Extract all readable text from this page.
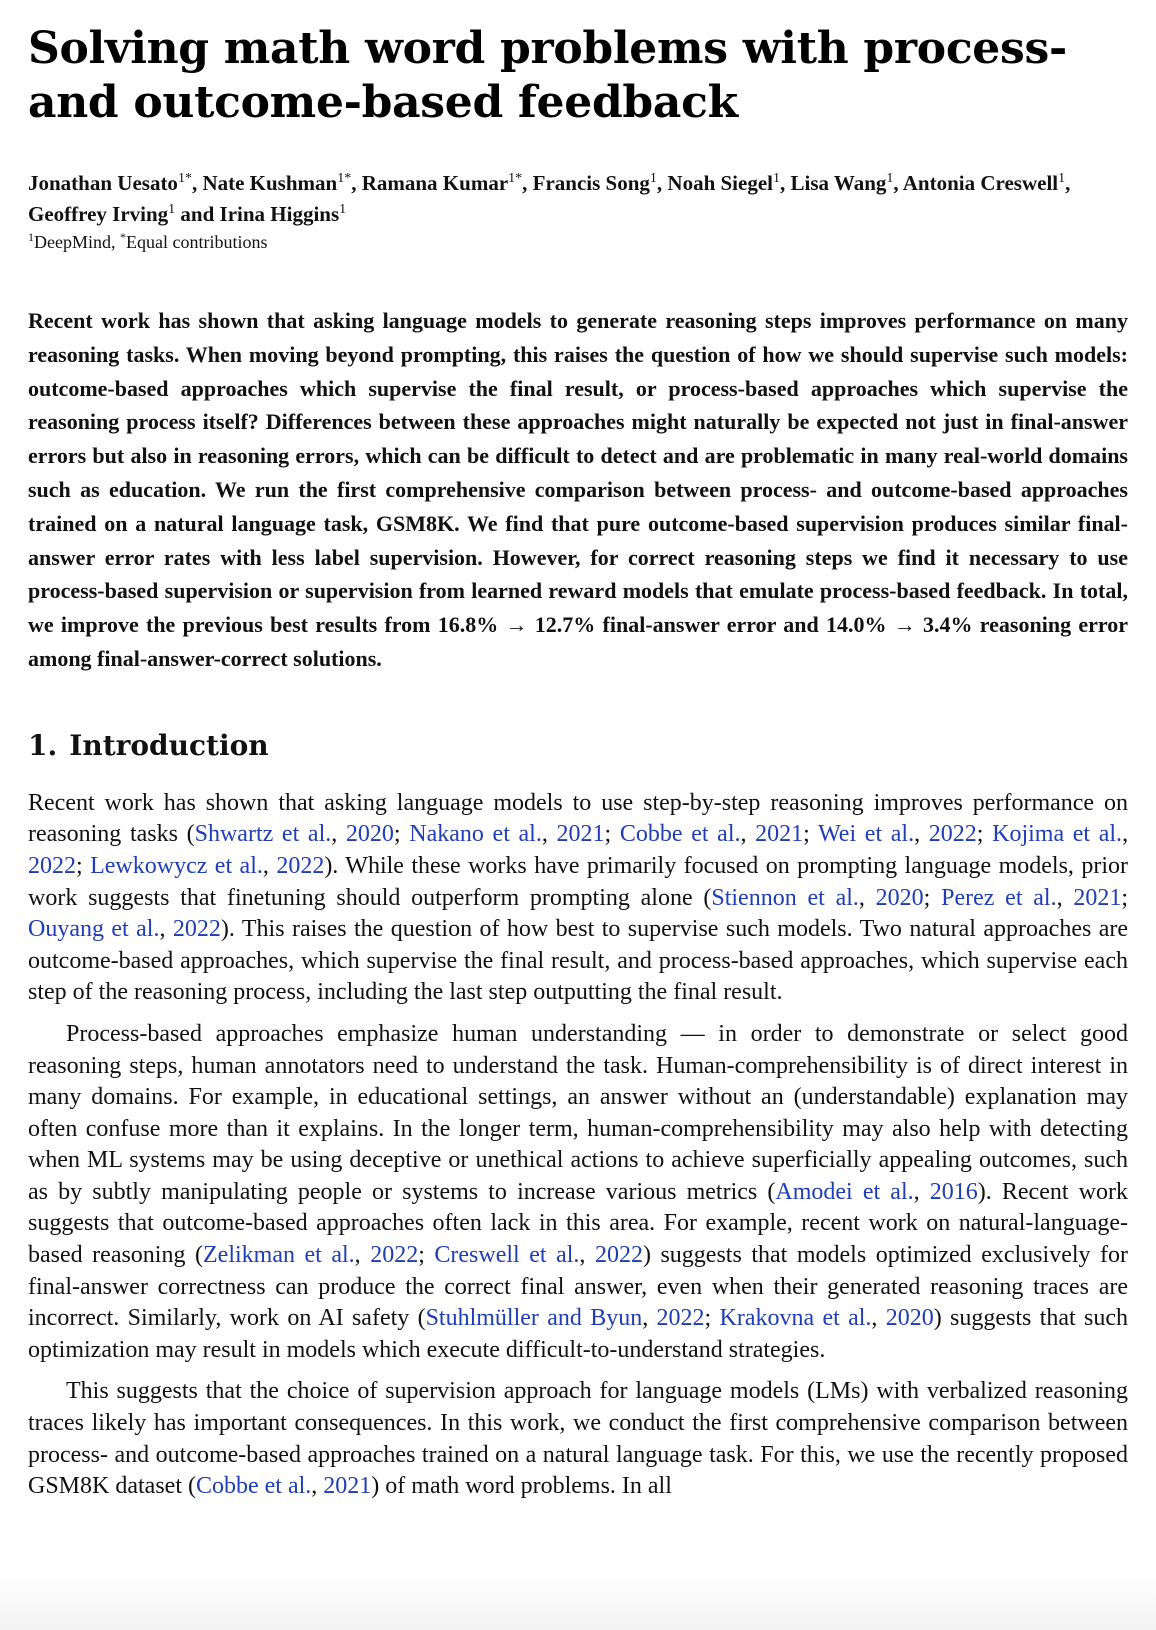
Solving math word problems with process-
and outcome-based feedback
Jonathan Uesato$^{1*}$, Nate Kushman$^{1*}$, Ramana Kumar$^{1*}$, Francis Song$^1$, Noah Siegel$^1$, Lisa Wang$^1$, Antonia Creswell$^1$, Geoffrey Irving$^1$ and Irina Higgins$^1$

$^1$DeepMind, *Equal contributions

Recent work has shown that asking language models to generate reasoning steps improves performance on many reasoning tasks. When moving beyond prompting, this raises the question of how we should supervise such models: outcome-based approaches which supervise the final result, or process-based approaches which supervise the reasoning process itself? Differences between these approaches might naturally be expected not just in final-answer errors but also in reasoning errors, which can be difficult to detect and are problematic in many real-world domains such as education. We run the first comprehensive comparison between process- and outcome-based approaches trained on a natural language task, GSM8K. We find that pure outcome-based supervision produces similar final-answer error rates with less label supervision. However, for correct reasoning steps we find it necessary to use process-based supervision or supervision from learned reward models that emulate process-based feedback. In total, we improve the previous best results from 16.8% → 12.7% final-answer error and 14.0% → 3.4% reasoning error among final-answer-correct solutions.

1. Introduction

Recent work has shown that asking language models to use step-by-step reasoning improves performance on reasoning tasks (Shwartz et al., 2020; Nakano et al., 2021; Cobbe et al., 2021; Wei et al., 2022; Kojima et al., 2022; Lewkowycz et al., 2022). While these works have primarily focused on prompting language models, prior work suggests that finetuning should outperform prompting alone (Stiennon et al., 2020; Perez et al., 2021; Ouyang et al., 2022). This raises the question of how best to supervise such models. Two natural approaches are outcome-based approaches, which supervise the final result, and process-based approaches, which supervise each step of the reasoning process, including the last step outputting the final result.

Process-based approaches emphasize human understanding — in order to demonstrate or select good reasoning steps, human annotators need to understand the task. Human-comprehensibility is of direct interest in many domains. For example, in educational settings, an answer without an (understandable) explanation may often confuse more than it explains. In the longer term, human-comprehensibility may also help with detecting when ML systems may be using deceptive or unethical actions to achieve superficially appealing outcomes, such as by subtly manipulating people or systems to increase various metrics (Amodei et al., 2016). Recent work suggests that outcome-based approaches often lack in this area. For example, recent work on natural-language-based reasoning (Zelikman et al., 2022; Creswell et al., 2022) suggests that models optimized exclusively for final-answer correctness can produce the correct final answer, even when their generated reasoning traces are incorrect. Similarly, work on AI safety (Stuhlmüller and Byun, 2022; Krakovna et al., 2020) suggests that such optimization may result in models which execute difficult-to-understand strategies.

This suggests that the choice of supervision approach for language models (LMs) with verbalized reasoning traces likely has important consequences. In this work, we conduct the first comprehensive comparison between process- and outcome-based approaches trained on a natural language task. For this, we use the recently proposed GSM8K dataset (Cobbe et al., 2021) of math word problems. In all
